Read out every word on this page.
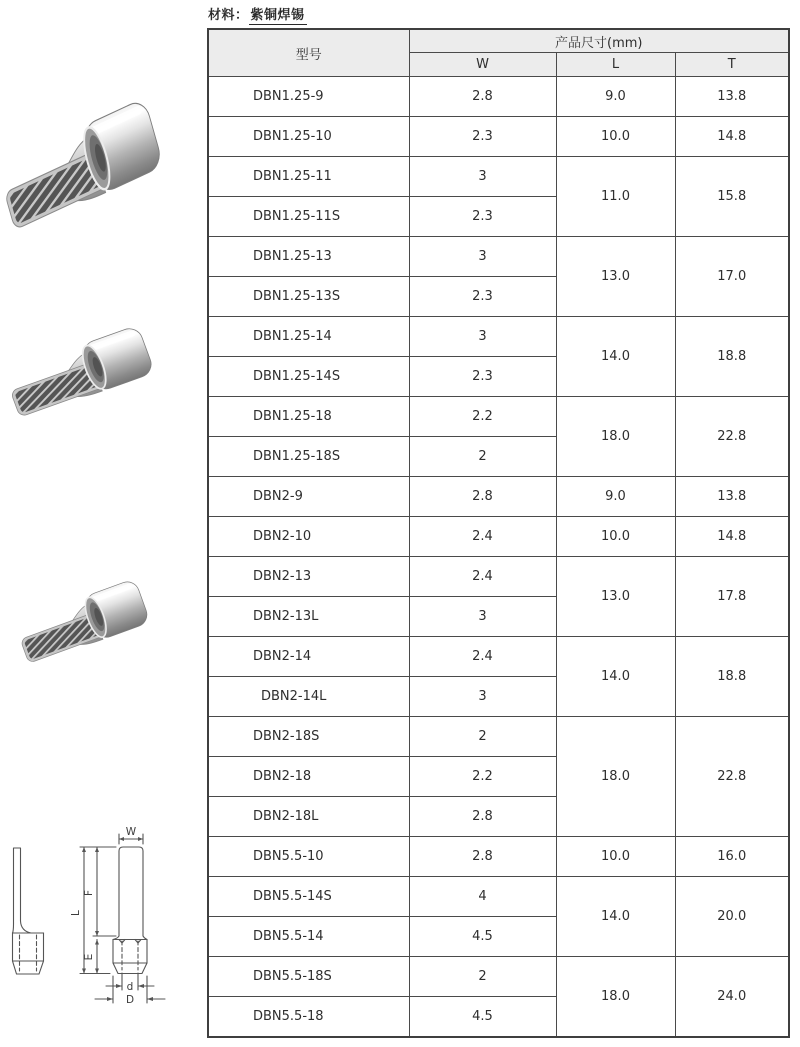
材料： 紫铜焊锡
W
L
F
E
d
D
型号	产品尺寸(mm)		
	W	L	T
DBN1.25-9	2.8	9.0	13.8
DBN1.25-10	2.3	10.0	14.8
DBN1.25-11	3	11.0	15.8
DBN1.25-11S	2.3		
DBN1.25-13	3	13.0	17.0
DBN1.25-13S	2.3		
DBN1.25-14	3	14.0	18.8
DBN1.25-14S	2.3		
DBN1.25-18	2.2	18.0	22.8
DBN1.25-18S	2		
DBN2-9	2.8	9.0	13.8
DBN2-10	2.4	10.0	14.8
DBN2-13	2.4	13.0	17.8
DBN2-13L	3		
DBN2-14	2.4	14.0	18.8
DBN2-14L	3		
DBN2-18S	2	18.0	22.8
DBN2-18	2.2		
DBN2-18L	2.8		
DBN5.5-10	2.8	10.0	16.0
DBN5.5-14S	4	14.0	20.0
DBN5.5-14	4.5		
DBN5.5-18S	2	18.0	24.0
DBN5.5-18	4.5		
